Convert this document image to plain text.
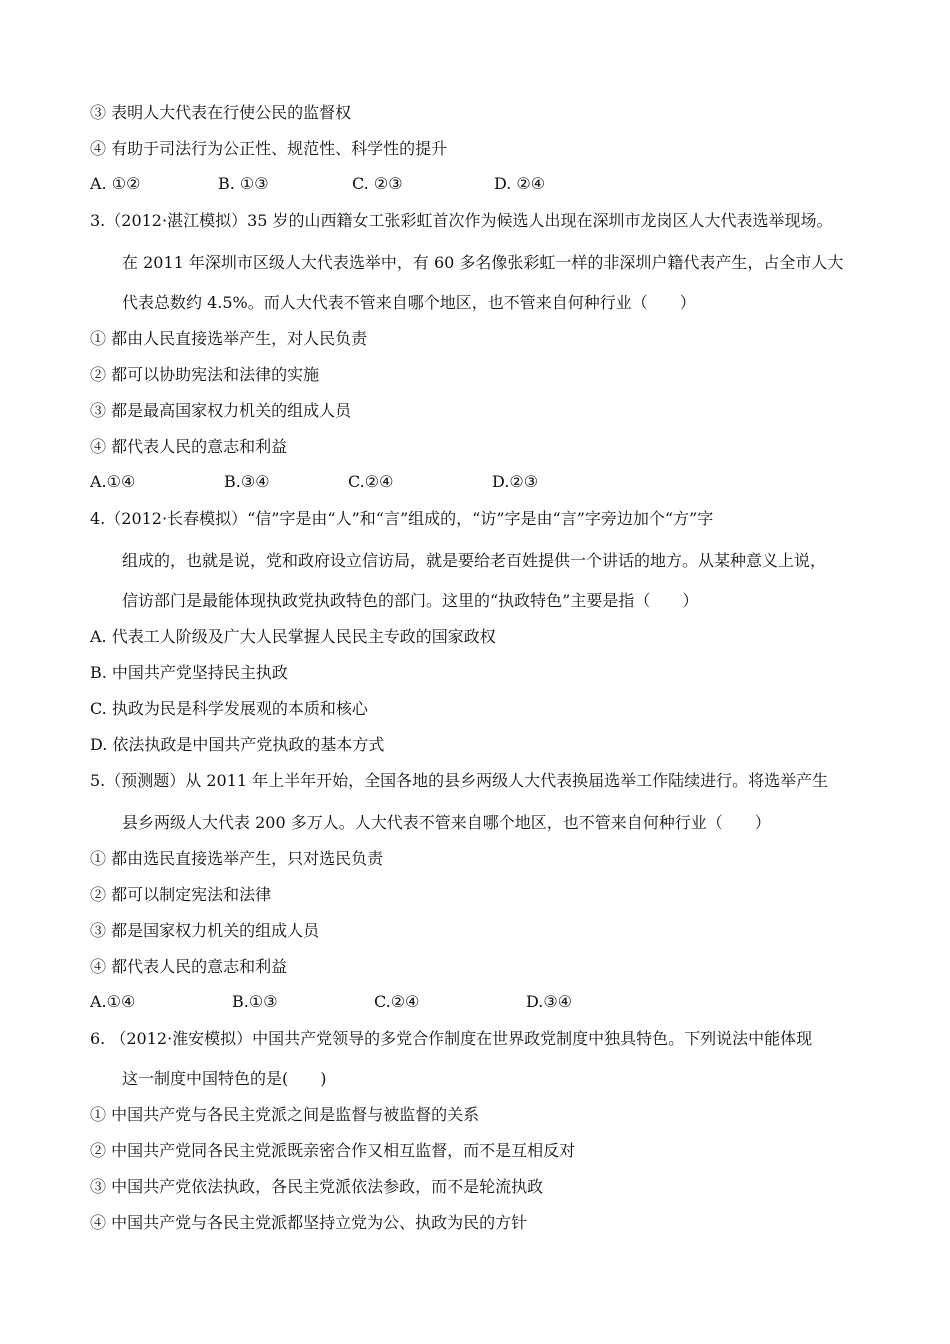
③ 表明人大代表在行使公民的监督权
④ 有助于司法行为公正性、规范性、科学性的提升
A. ①②	B. ①③	C. ②③	D. ②④
3.（2012·湛江模拟）35 岁的山西籍女工张彩虹首次作为候选人出现在深圳市龙岗区人大代表选举现场。
在 2011 年深圳市区级人大代表选举中，有 60 多名像张彩虹一样的非深圳户籍代表产生，占全市人大
代表总数约 4.5%。而人大代表不管来自哪个地区，也不管来自何种行业（　　）
① 都由人民直接选举产生，对人民负责
② 都可以协助宪法和法律的实施
③ 都是最高国家权力机关的组成人员
④ 都代表人民的意志和利益
A.①④	B.③④	C.②④	D.②③
4.（2012·长春模拟）“信”字是由“人”和“言”组成的，“访”字是由“言”字旁边加个“方”字
组成的，也就是说，党和政府设立信访局，就是要给老百姓提供一个讲话的地方。从某种意义上说，
信访部门是最能体现执政党执政特色的部门。这里的“执政特色”主要是指（　　）
A. 代表工人阶级及广大人民掌握人民民主专政的国家政权
B. 中国共产党坚持民主执政
C. 执政为民是科学发展观的本质和核心
D. 依法执政是中国共产党执政的基本方式
5.（预测题）从 2011 年上半年开始，全国各地的县乡两级人大代表换届选举工作陆续进行。将选举产生
县乡两级人大代表 200 多万人。人大代表不管来自哪个地区，也不管来自何种行业（　　）
① 都由选民直接选举产生，只对选民负责
② 都可以制定宪法和法律
③ 都是国家权力机关的组成人员
④ 都代表人民的意志和利益
A.①④	B.①③	C.②④	D.③④
6. （2012·淮安模拟）中国共产党领导的多党合作制度在世界政党制度中独具特色。下列说法中能体现
这一制度中国特色的是(　　)
① 中国共产党与各民主党派之间是监督与被监督的关系
② 中国共产党同各民主党派既亲密合作又相互监督，而不是互相反对
③ 中国共产党依法执政，各民主党派依法参政，而不是轮流执政
④ 中国共产党与各民主党派都坚持立党为公、执政为民的方针
